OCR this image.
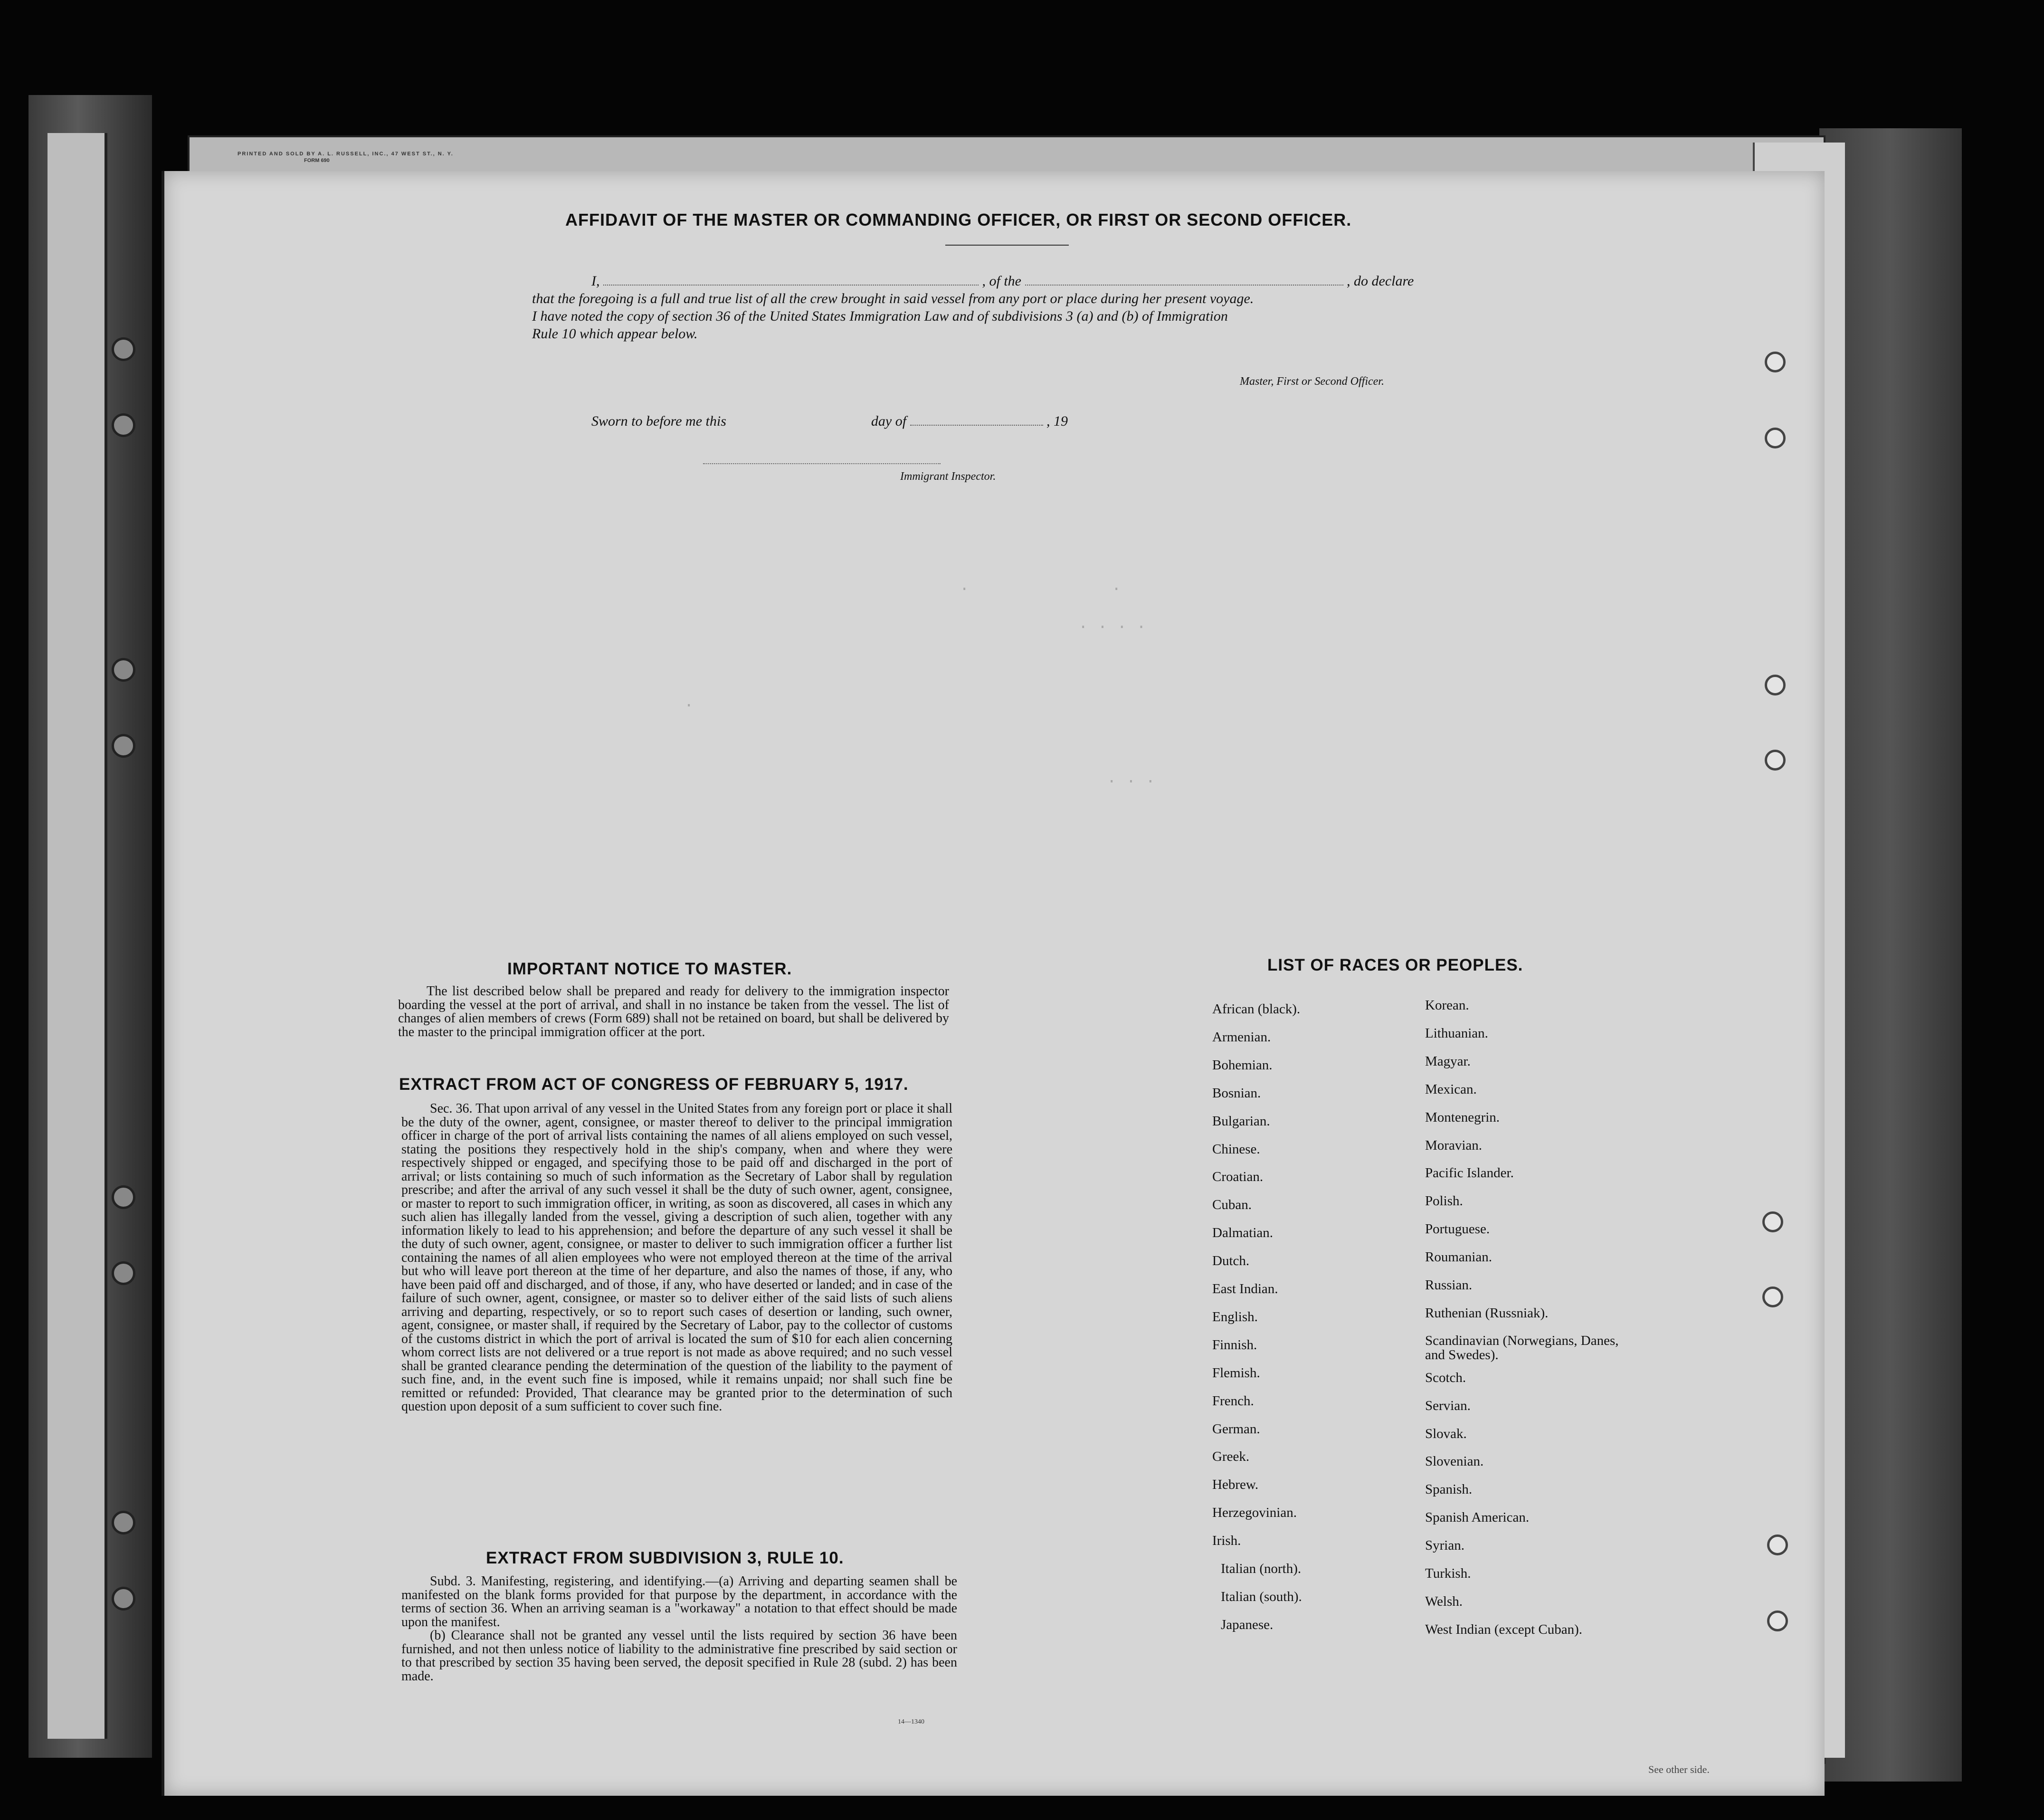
PRINTED AND SOLD BY A. L. RUSSELL, INC., 47 WEST ST., N. Y.
FORM 690
.
. . . .
.
.
. . .
AFFIDAVIT OF THE MASTER OR COMMANDING OFFICER, OR FIRST OR SECOND OFFICER.
I,	, of the	, do declare
that the foregoing is a full and true list of all the crew brought in said vessel from any port or place during her present voyage.
I have noted the copy of section 36 of the United States Immigration Law and of subdivisions 3 (a) and (b) of Immigration
Rule 10 which appear below.
Master, First or Second Officer.
Sworn to before me this	day of	, 19
Immigrant Inspector.
IMPORTANT NOTICE TO MASTER.

The list described below shall be prepared and ready for delivery to the immigration inspector boarding the vessel at the port of arrival, and shall in no instance be taken from the vessel. The list of changes of alien members of crews (Form 689) shall not be retained on board, but shall be delivered by the master to the principal immigration officer at the port.

EXTRACT FROM ACT OF CONGRESS OF FEBRUARY 5, 1917.

Sec. 36. That upon arrival of any vessel in the United States from any foreign port or place it shall be the duty of the owner, agent, consignee, or master thereof to deliver to the principal immigration officer in charge of the port of arrival lists containing the names of all aliens employed on such vessel, stating the positions they respectively hold in the ship's company, when and where they were respectively shipped or engaged, and specifying those to be paid off and discharged in the port of arrival; or lists containing so much of such information as the Secretary of Labor shall by regulation prescribe; and after the arrival of any such vessel it shall be the duty of such owner, agent, consignee, or master to report to such immigration officer, in writing, as soon as discovered, all cases in which any such alien has illegally landed from the vessel, giving a description of such alien, together with any information likely to lead to his apprehension; and before the departure of any such vessel it shall be the duty of such owner, agent, consignee, or master to deliver to such immigration officer a further list containing the names of all alien employees who were not employed thereon at the time of the arrival but who will leave port thereon at the time of her departure, and also the names of those, if any, who have been paid off and discharged, and of those, if any, who have deserted or landed; and in case of the failure of such owner, agent, consignee, or master so to deliver either of the said lists of such aliens arriving and departing, respectively, or so to report such cases of desertion or landing, such owner, agent, consignee, or master shall, if required by the Secretary of Labor, pay to the collector of customs of the customs district in which the port of arrival is located the sum of $10 for each alien concerning whom correct lists are not delivered or a true report is not made as above required; and no such vessel shall be granted clearance pending the determination of the question of the liability to the payment of such fine, and, in the event such fine is imposed, while it remains unpaid; nor shall such fine be remitted or refunded: Provided, That clearance may be granted prior to the determination of such question upon deposit of a sum sufficient to cover such fine.

EXTRACT FROM SUBDIVISION 3, RULE 10.

Subd. 3. Manifesting, registering, and identifying.—(a) Arriving and departing seamen shall be manifested on the blank forms provided for that purpose by the department, in accordance with the terms of section 36. When an arriving seaman is a "workaway" a notation to that effect should be made upon the manifest.

(b) Clearance shall not be granted any vessel until the lists required by section 36 have been furnished, and not then unless notice of liability to the administrative fine prescribed by said section or to that prescribed by section 35 having been served, the deposit specified in Rule 28 (subd. 2) has been made.

14—1340
LIST OF RACES OR PEOPLES.
African (black).
Armenian.
Bohemian.
Bosnian.
Bulgarian.
Chinese.
Croatian.
Cuban.
Dalmatian.
Dutch.
East Indian.
English.
Finnish.
Flemish.
French.
German.
Greek.
Hebrew.
Herzegovinian.
Irish.
Italian (north).
Italian (south).
Japanese.
Korean.
Lithuanian.
Magyar.
Mexican.
Montenegrin.
Moravian.
Pacific Islander.
Polish.
Portuguese.
Roumanian.
Russian.
Ruthenian (Russniak).
Scandinavian (Norwegians, Danes, and Swedes).
Scotch.
Servian.
Slovak.
Slovenian.
Spanish.
Spanish American.
Syrian.
Turkish.
Welsh.
West Indian (except Cuban).
See other side.
